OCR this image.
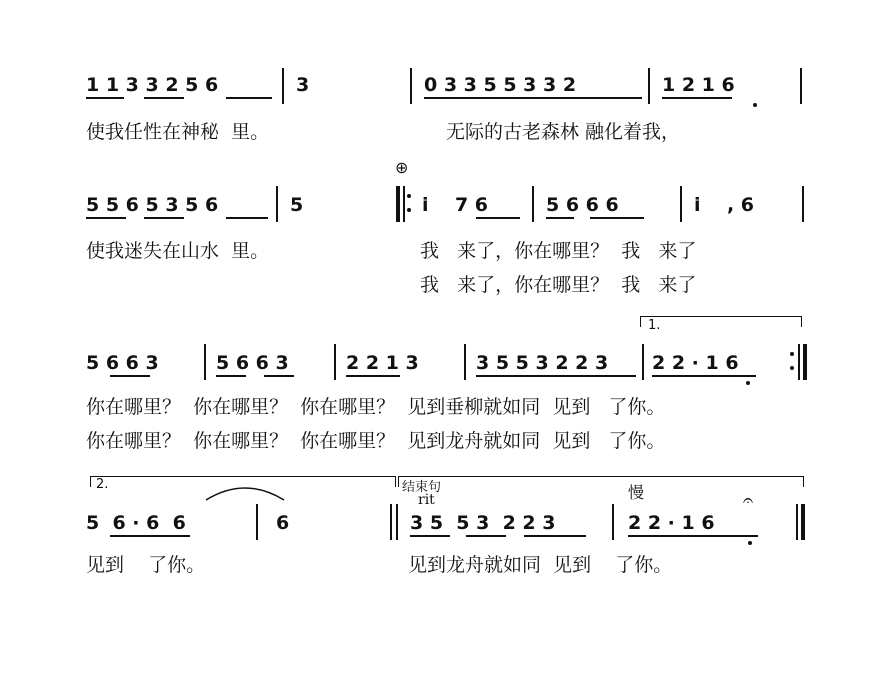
1 1 3 3 2 5 6	3	0 3 3 5 5 3 3 2	1 2 1 6
使我任性在神秘  里。	无际的古老森林 融化着我，
⊕
5 5 6 5 3 5 6	5	i    7 6	5 6 6 6	i    , 6
使我迷失在山水  里。	我   来了，你在哪里？  我   来了
我   来了，你在哪里？  我   来了
1.
5 6 6 3	5 6 6 3	2 2 1 3	3 5 5 3 2 2 3 2 2 · 1 6
你在哪里？  你在哪里？  你在哪里？  见到垂柳就如同  见到   了你。
你在哪里？  你在哪里？  你在哪里？  见到龙舟就如同  见到   了你。
2.	结束句
rit	慢	𝄐
5  6 · 6  6	6	3 5  5 3  2 2 3	2 2 · 1 6
见到    了你。	见到龙舟就如同  见到    了你。
